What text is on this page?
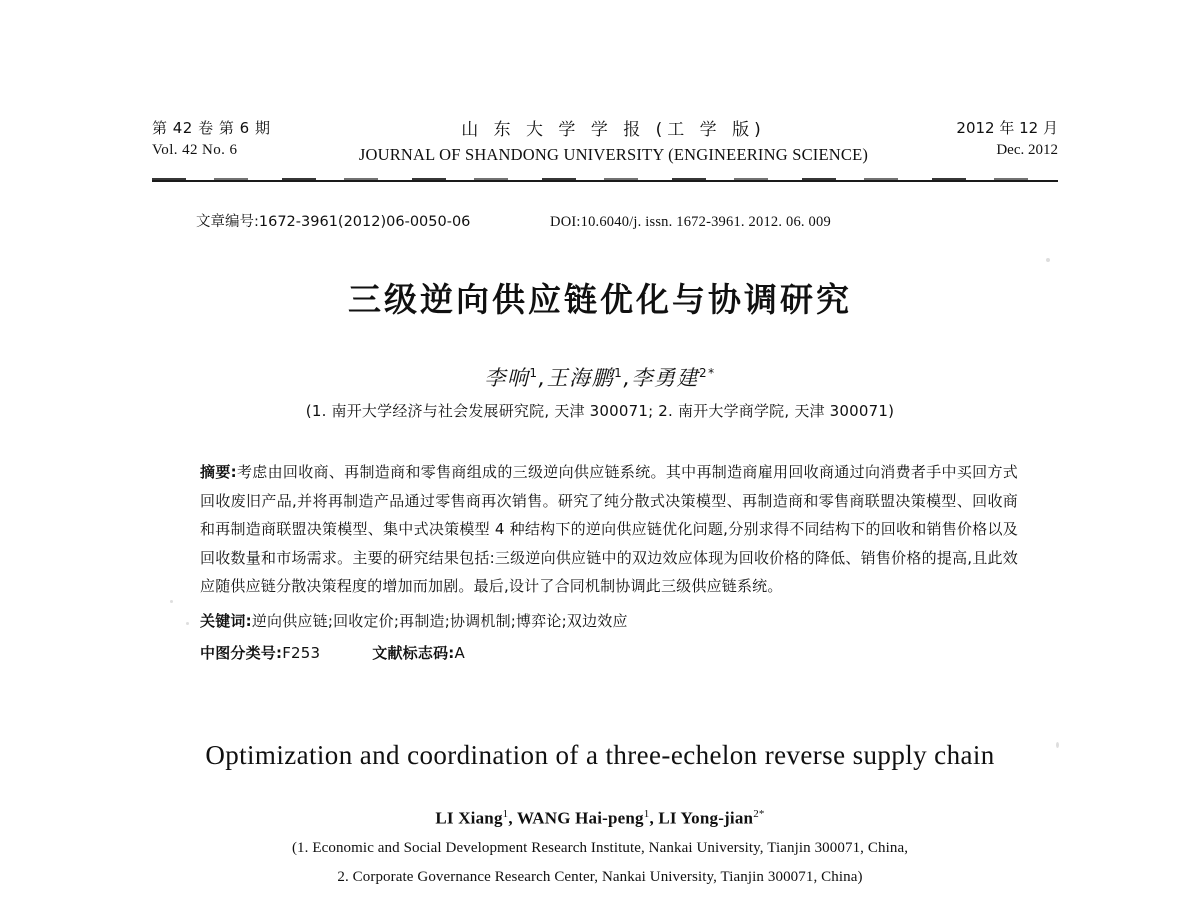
第 42 卷 第 6 期
Vol. 42 No. 6
山 东 大 学 学 报 (工 学 版)
JOURNAL OF SHANDONG UNIVERSITY (ENGINEERING SCIENCE)
2012 年 12 月
Dec. 2012
文章编号:1672-3961(2012)06-0050-06	DOI:10.6040/j. issn. 1672-3961. 2012. 06. 009
三级逆向供应链优化与协调研究
李响$^1$,王海鹏$^1$,李勇建$^{2*}$
(1. 南开大学经济与社会发展研究院, 天津 300071; 2. 南开大学商学院, 天津 300071)
摘要:考虑由回收商、再制造商和零售商组成的三级逆向供应链系统。其中再制造商雇用回收商通过向消费者手中买回方式回收废旧产品,并将再制造产品通过零售商再次销售。研究了纯分散式决策模型、再制造商和零售商联盟决策模型、回收商和再制造商联盟决策模型、集中式决策模型 4 种结构下的逆向供应链优化问题,分别求得不同结构下的回收和销售价格以及回收数量和市场需求。主要的研究结果包括:三级逆向供应链中的双边效应体现为回收价格的降低、销售价格的提高,且此效应随供应链分散决策程度的增加而加剧。最后,设计了合同机制协调此三级供应链系统。
关键词:逆向供应链;回收定价;再制造;协调机制;博弈论;双边效应
中图分类号:F253	文献标志码:A
Optimization and coordination of a three-echelon reverse supply chain
LI Xiang$^1$, WANG Hai-peng$^1$, LI Yong-jian$^{2*}$
(1. Economic and Social Development Research Institute, Nankai University, Tianjin 300071, China,
2. Corporate Governance Research Center, Nankai University, Tianjin 300071, China)
